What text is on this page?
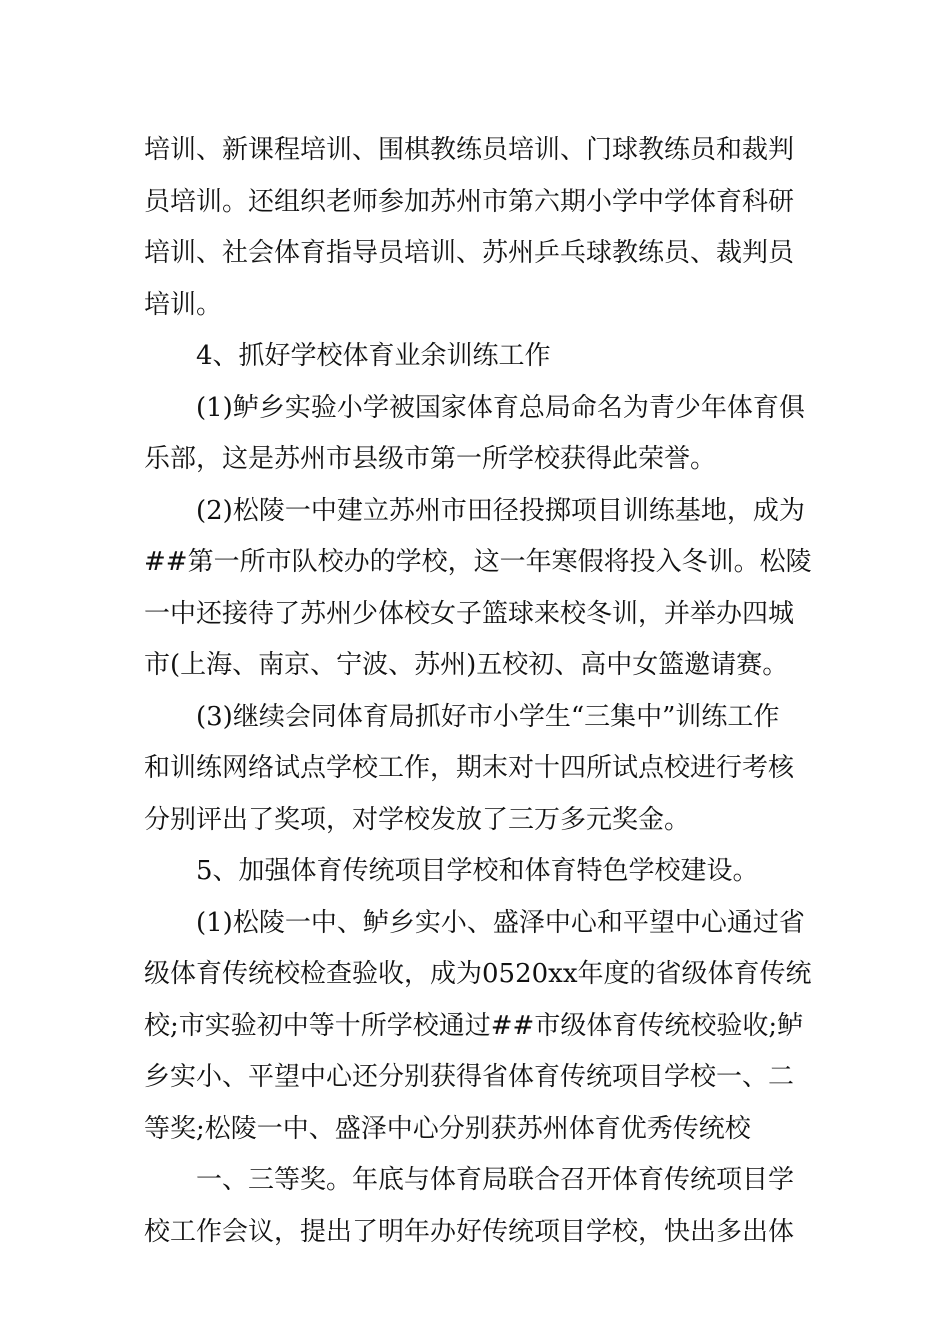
培训、新课程培训、围棋教练员培训、门球教练员和裁判

员培训。还组织老师参加苏州市第六期小学中学体育科研

培训、社会体育指导员培训、苏州乒乓球教练员、裁判员

培训。

4、抓好学校体育业余训练工作

(1)鲈乡实验小学被国家体育总局命名为青少年体育俱

乐部，这是苏州市县级市第一所学校获得此荣誉。

(2)松陵一中建立苏州市田径投掷项目训练基地，成为

##第一所市队校办的学校，这一年寒假将投入冬训。松陵

一中还接待了苏州少体校女子篮球来校冬训，并举办四城

市(上海、南京、宁波、苏州)五校初、高中女篮邀请赛。

(3)继续会同体育局抓好市小学生“三集中”训练工作

和训练网络试点学校工作，期末对十四所试点校进行考核

分别评出了奖项，对学校发放了三万多元奖金。

5、加强体育传统项目学校和体育特色学校建设。

(1)松陵一中、鲈乡实小、盛泽中心和平望中心通过省

级体育传统校检查验收，成为0520xx年度的省级体育传统

校;市实验初中等十所学校通过##市级体育传统校验收;鲈

乡实小、平望中心还分别获得省体育传统项目学校一、二

等奖;松陵一中、盛泽中心分别获苏州体育优秀传统校

一、三等奖。年底与体育局联合召开体育传统项目学

校工作会议，提出了明年办好传统项目学校，快出多出体
